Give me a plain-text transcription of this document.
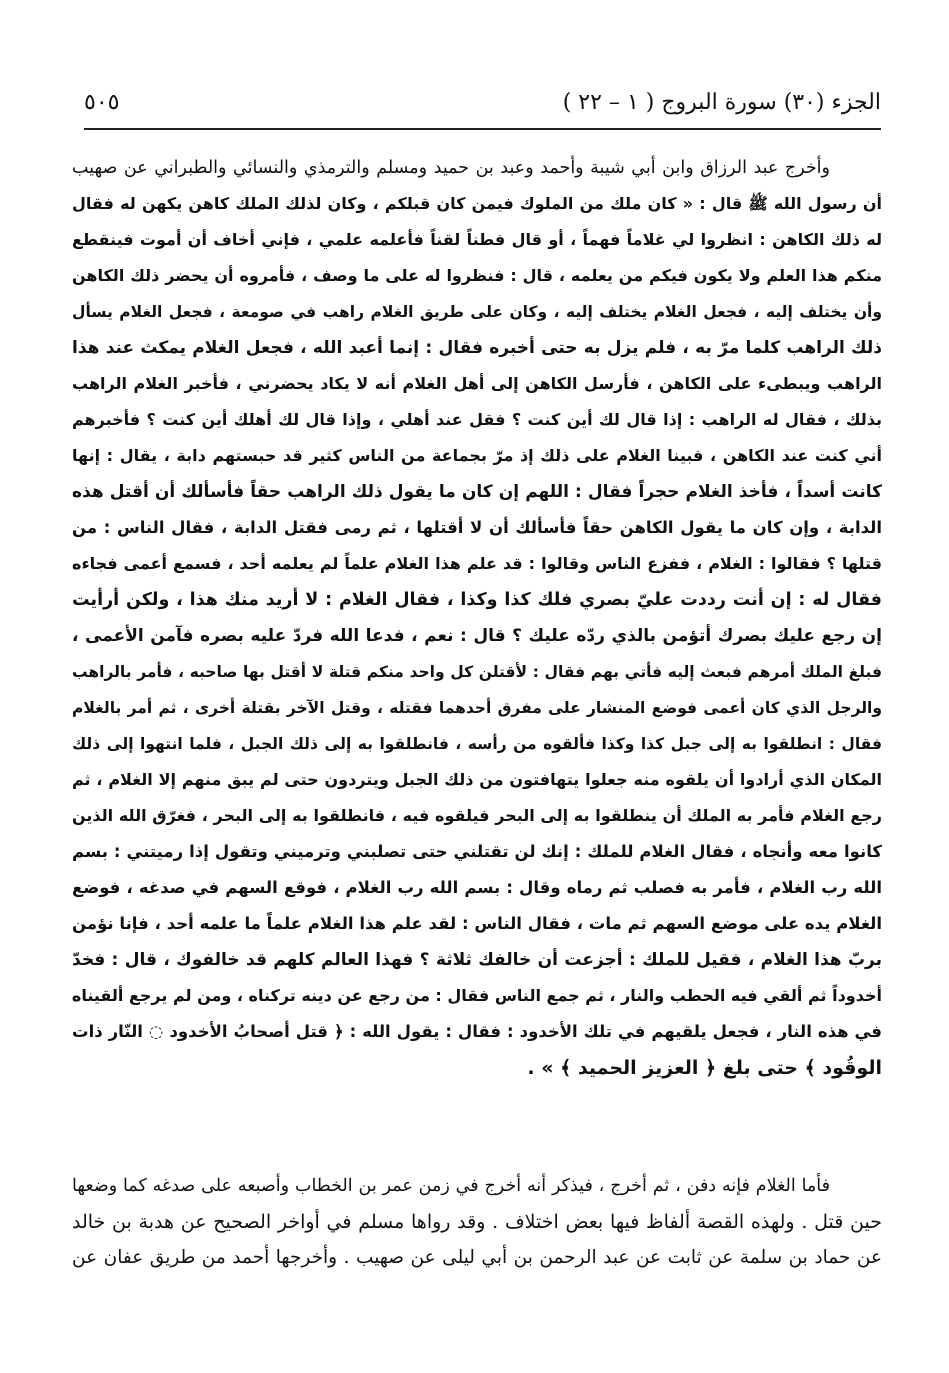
الجزء (٣٠) سورة البروج ( ١ – ٢٢ )
٥٠٥
وأخرج عبد الرزاق وابن أبي شيبة وأحمد وعبد بن حميد ومسلم والترمذي والنسائي والطبراني عن صهيب
أن رسول الله ﷺ قال : « كان ملك من الملوك فيمن كان قبلكم ، وكان لذلك الملك كاهن يكهن له فقال
له ذلك الكاهن : انظروا لي غلاماً فهماً ، أو قال فطناً لقناً فأعلمه علمي ، فإني أخاف أن أموت فينقطع
منكم هذا العلم ولا يكون فيكم من يعلمه ، قال : فنظروا له على ما وصف ، فأمروه أن يحضر ذلك الكاهن
وأن يختلف إليه ، فجعل الغلام يختلف إليه ، وكان على طريق الغلام راهب في صومعة ، فجعل الغلام يسأل
ذلك الراهب كلما مرّ به ، فلم يزل به حتى أخبره فقال : إنما أعبد الله ، فجعل الغلام يمكث عند هذا
الراهب ويبطىء على الكاهن ، فأرسل الكاهن إلى أهل الغلام أنه لا يكاد يحضرني ، فأخبر الغلام الراهب
بذلك ، فقال له الراهب : إذا قال لك أين كنت ؟ فقل عند أهلي ، وإذا قال لك أهلك أين كنت ؟ فأخبرهم
أني كنت عند الكاهن ، فبينا الغلام على ذلك إذ مرّ بجماعة من الناس كثير قد حبستهم دابة ، يقال : إنها
كانت أسداً ، فأخذ الغلام حجراً فقال : اللهم إن كان ما يقول ذلك الراهب حقاً فأسألك أن أقتل هذه
الدابة ، وإن كان ما يقول الكاهن حقاً فأسألك أن لا أقتلها ، ثم رمى فقتل الدابة ، فقال الناس : من
قتلها ؟ فقالوا : الغلام ، ففزع الناس وقالوا : قد علم هذا الغلام علماً لم يعلمه أحد ، فسمع أعمى فجاءه
فقال له : إن أنت رددت عليّ بصري فلك كذا وكذا ، فقال الغلام : لا أريد منك هذا ، ولكن أرأيت
إن رجع عليك بصرك أتؤمن بالذي ردّه عليك ؟ قال : نعم ، فدعا الله فردّ عليه بصره فآمن الأعمى ،
فبلغ الملك أمرهم فبعث إليه فأتي بهم فقال : لأقتلن كل واحد منكم قتلة لا أقتل بها صاحبه ، فأمر بالراهب
والرجل الذي كان أعمى فوضع المنشار على مفرق أحدهما فقتله ، وقتل الآخر بقتلة أخرى ، ثم أمر بالغلام
فقال : انطلقوا به إلى جبل كذا وكذا فألقوه من رأسه ، فانطلقوا به إلى ذلك الجبل ، فلما انتهوا إلى ذلك
المكان الذي أرادوا أن يلقوه منه جعلوا يتهافتون من ذلك الجبل ويتردون حتى لم يبق منهم إلا الغلام ، ثم
رجع الغلام فأمر به الملك أن ينطلقوا به إلى البحر فيلقوه فيه ، فانطلقوا به إلى البحر ، فغرّق الله الذين
كانوا معه وأنجاه ، فقال الغلام للملك : إنك لن تقتلني حتى تصلبني وترميني وتقول إذا رميتني : بسم
الله رب الغلام ، فأمر به فصلب ثم رماه وقال : بسم الله رب الغلام ، فوقع السهم في صدغه ، فوضع
الغلام يده على موضع السهم ثم مات ، فقال الناس : لقد علم هذا الغلام علماً ما علمه أحد ، فإنا نؤمن
بربّ هذا الغلام ، فقيل للملك : أجزعت أن خالفك ثلاثة ؟ فهذا العالم كلهم قد خالفوك ، قال : فخدّ
أخدوداً ثم ألقي فيه الحطب والنار ، ثم جمع الناس فقال : من رجع عن دينه تركناه ، ومن لم يرجع ألقيناه
في هذه النار ، فجعل يلقيهم في تلك الأخدود : فقال : يقول الله : ﴿ قتل أصحابُ الأخدود ◌ النّار ذات
الوقُود ﴾ حتى بلغ ﴿ العزيز الحميد ﴾ » .
فأما الغلام فإنه دفن ، ثم أخرج ، فيذكر أنه أخرج في زمن عمر بن الخطاب وأصبعه على صدغه كما وضعها
حين قتل . ولهذه القصة ألفاظ فيها بعض اختلاف . وقد رواها مسلم في أواخر الصحيح عن هدبة بن خالد
عن حماد بن سلمة عن ثابت عن عبد الرحمن بن أبي ليلى عن صهيب . وأخرجها أحمد من طريق عفان عن
